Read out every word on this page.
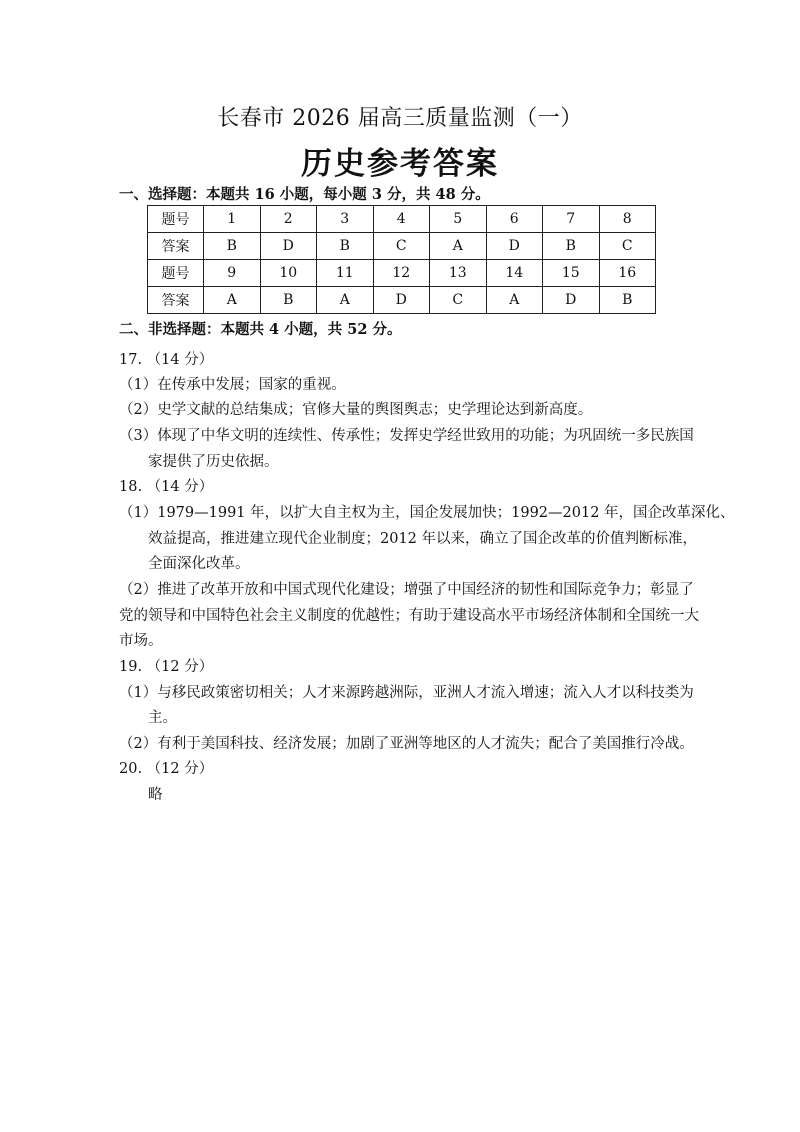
长春市 2026 届高三质量监测（一）
历史参考答案
一、选择题：本题共 16 小题，每小题 3 分，共 48 分。
题号	1	2	3	4	5	6	7	8
答案	B	D	B	C	A	D	B	C
题号	9	10	11	12	13	14	15	16
答案	A	B	A	D	C	A	D	B
二、非选择题：本题共 4 小题，共 52 分。
17. （14 分）
（1）在传承中发展；国家的重视。
（2）史学文献的总结集成；官修大量的舆图舆志；史学理论达到新高度。
（3）体现了中华文明的连续性、传承性；发挥史学经世致用的功能；为巩固统一多民族国
家提供了历史依据。
18. （14 分）
（1）1979—1991 年，以扩大自主权为主，国企发展加快；1992—2012 年，国企改革深化、
效益提高，推进建立现代企业制度；2012 年以来，确立了国企改革的价值判断标准，
全面深化改革。
（2）推进了改革开放和中国式现代化建设；增强了中国经济的韧性和国际竞争力；彰显了
党的领导和中国特色社会主义制度的优越性；有助于建设高水平市场经济体制和全国统一大
市场。
19. （12 分）
（1）与移民政策密切相关；人才来源跨越洲际，亚洲人才流入增速；流入人才以科技类为
主。
（2）有利于美国科技、经济发展；加剧了亚洲等地区的人才流失；配合了美国推行冷战。
20. （12 分）
略
